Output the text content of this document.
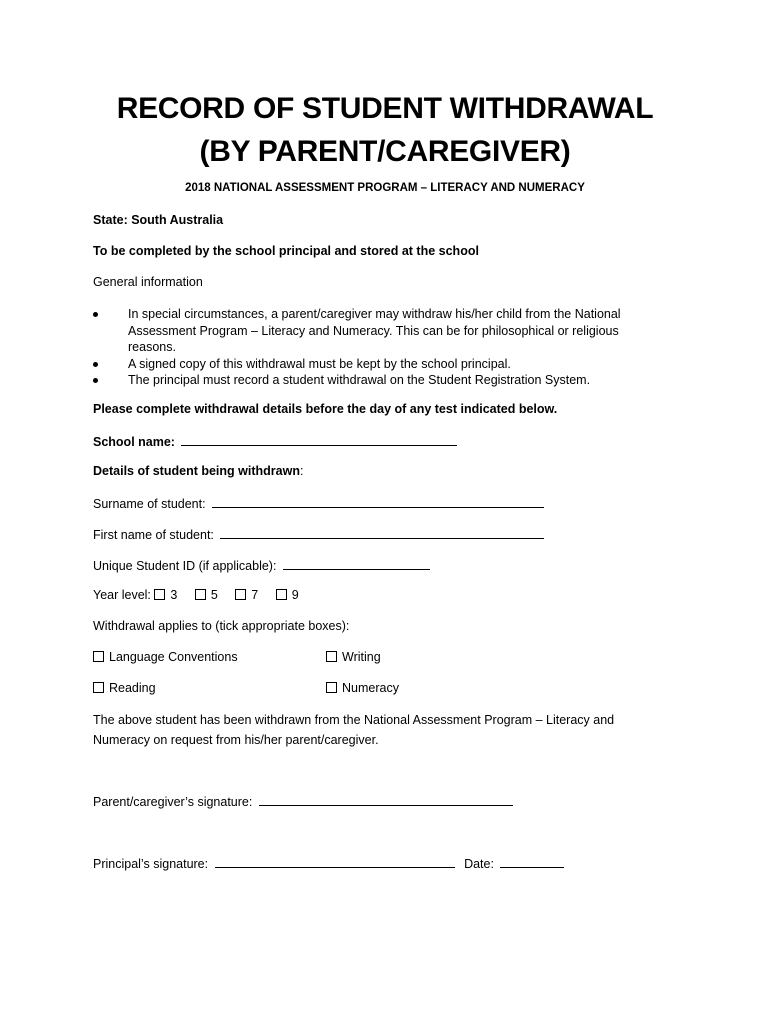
RECORD OF STUDENT WITHDRAWAL
(BY PARENT/CAREGIVER)
2018 NATIONAL ASSESSMENT PROGRAM – LITERACY AND NUMERACY
State: South Australia
To be completed by the school principal and stored at the school
General information
In special circumstances, a parent/caregiver may withdraw his/her child from the National Assessment Program – Literacy and Numeracy. This can be for philosophical or religious reasons.
A signed copy of this withdrawal must be kept by the school principal.
The principal must record a student withdrawal on the Student Registration System.
Please complete withdrawal details before the day of any test indicated below.
School name:
Details of student being withdrawn:
Surname of student:
First name of student:
Unique Student ID (if applicable):
Year level: 3	5	7	9
Withdrawal applies to (tick appropriate boxes):
Language Conventions	Writing
Reading	Numeracy
The above student has been withdrawn from the National Assessment Program – Literacy and Numeracy on request from his/her parent/caregiver.
Parent/caregiver’s signature:
Principal’s signature:	Date:
